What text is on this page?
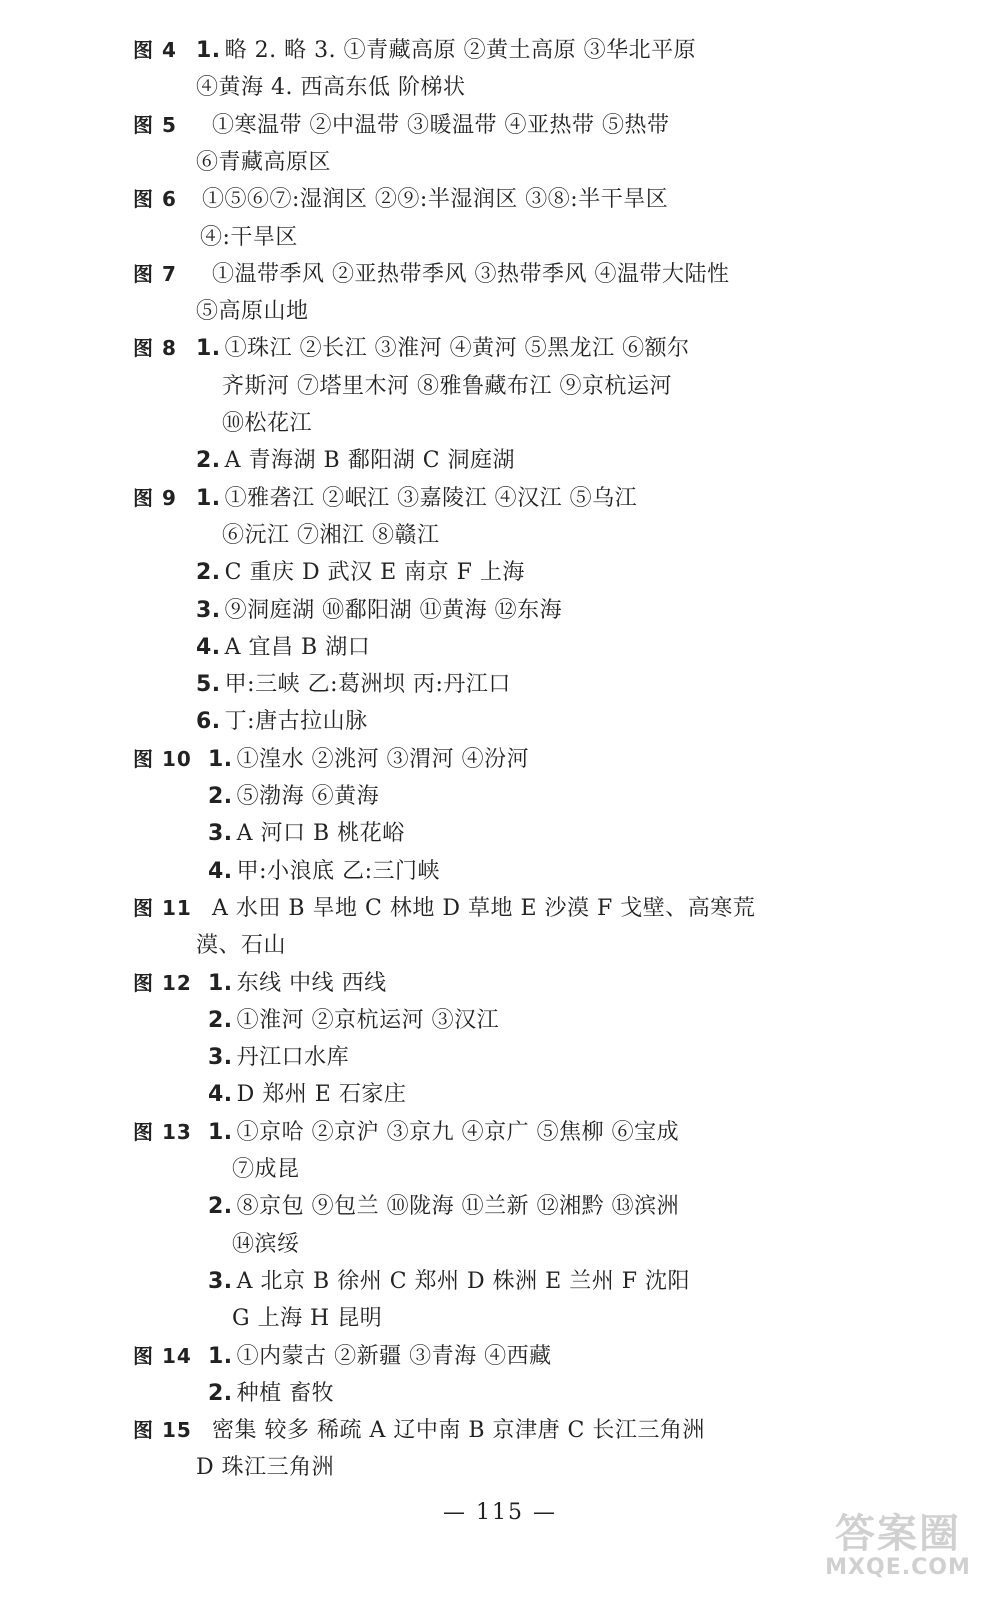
图 4 1. 略 2. 略 3. ①青藏高原 ②黄土高原 ③华北平原
④黄海 4. 西高东低 阶梯状
图 5	①寒温带 ②中温带 ③暖温带 ④亚热带 ⑤热带
⑥青藏高原区
图 6	①⑤⑥⑦:湿润区 ②⑨:半湿润区 ③⑧:半干旱区
④:干旱区
图 7	①温带季风 ②亚热带季风 ③热带季风 ④温带大陆性
⑤高原山地
图 8 1. ①珠江 ②长江 ③淮河 ④黄河 ⑤黑龙江 ⑥额尔
齐斯河 ⑦塔里木河 ⑧雅鲁藏布江 ⑨京杭运河
⑩松花江
2. A 青海湖 B 鄱阳湖 C 洞庭湖
图 9 1. ①雅砻江 ②岷江 ③嘉陵江 ④汉江 ⑤乌江
⑥沅江 ⑦湘江 ⑧赣江
2. C 重庆 D 武汉 E 南京 F 上海
3. ⑨洞庭湖 ⑩鄱阳湖 ⑪黄海 ⑫东海
4. A 宜昌 B 湖口
5. 甲:三峡 乙:葛洲坝 丙:丹江口
6. 丁:唐古拉山脉
图 10 1. ①湟水 ②洮河 ③渭河 ④汾河
2. ⑤渤海 ⑥黄海
3. A 河口 B 桃花峪
4. 甲:小浪底 乙:三门峡
图 11 A 水田 B 旱地 C 林地 D 草地 E 沙漠 F 戈壁、高寒荒
漠、石山
图 12 1. 东线 中线 西线
2. ①淮河 ②京杭运河 ③汉江
3. 丹江口水库
4. D 郑州 E 石家庄
图 13 1. ①京哈 ②京沪 ③京九 ④京广 ⑤焦柳 ⑥宝成
⑦成昆
2. ⑧京包 ⑨包兰 ⑩陇海 ⑪兰新 ⑫湘黔 ⑬滨洲
⑭滨绥
3. A 北京 B 徐州 C 郑州 D 株洲 E 兰州 F 沈阳
G 上海 H 昆明
图 14 1. ①内蒙古 ②新疆 ③青海 ④西藏
2. 种植 畜牧
图 15 密集 较多 稀疏 A 辽中南 B 京津唐 C 长江三角洲
D 珠江三角洲
— 115 —	答案圈
MXQE.COM
